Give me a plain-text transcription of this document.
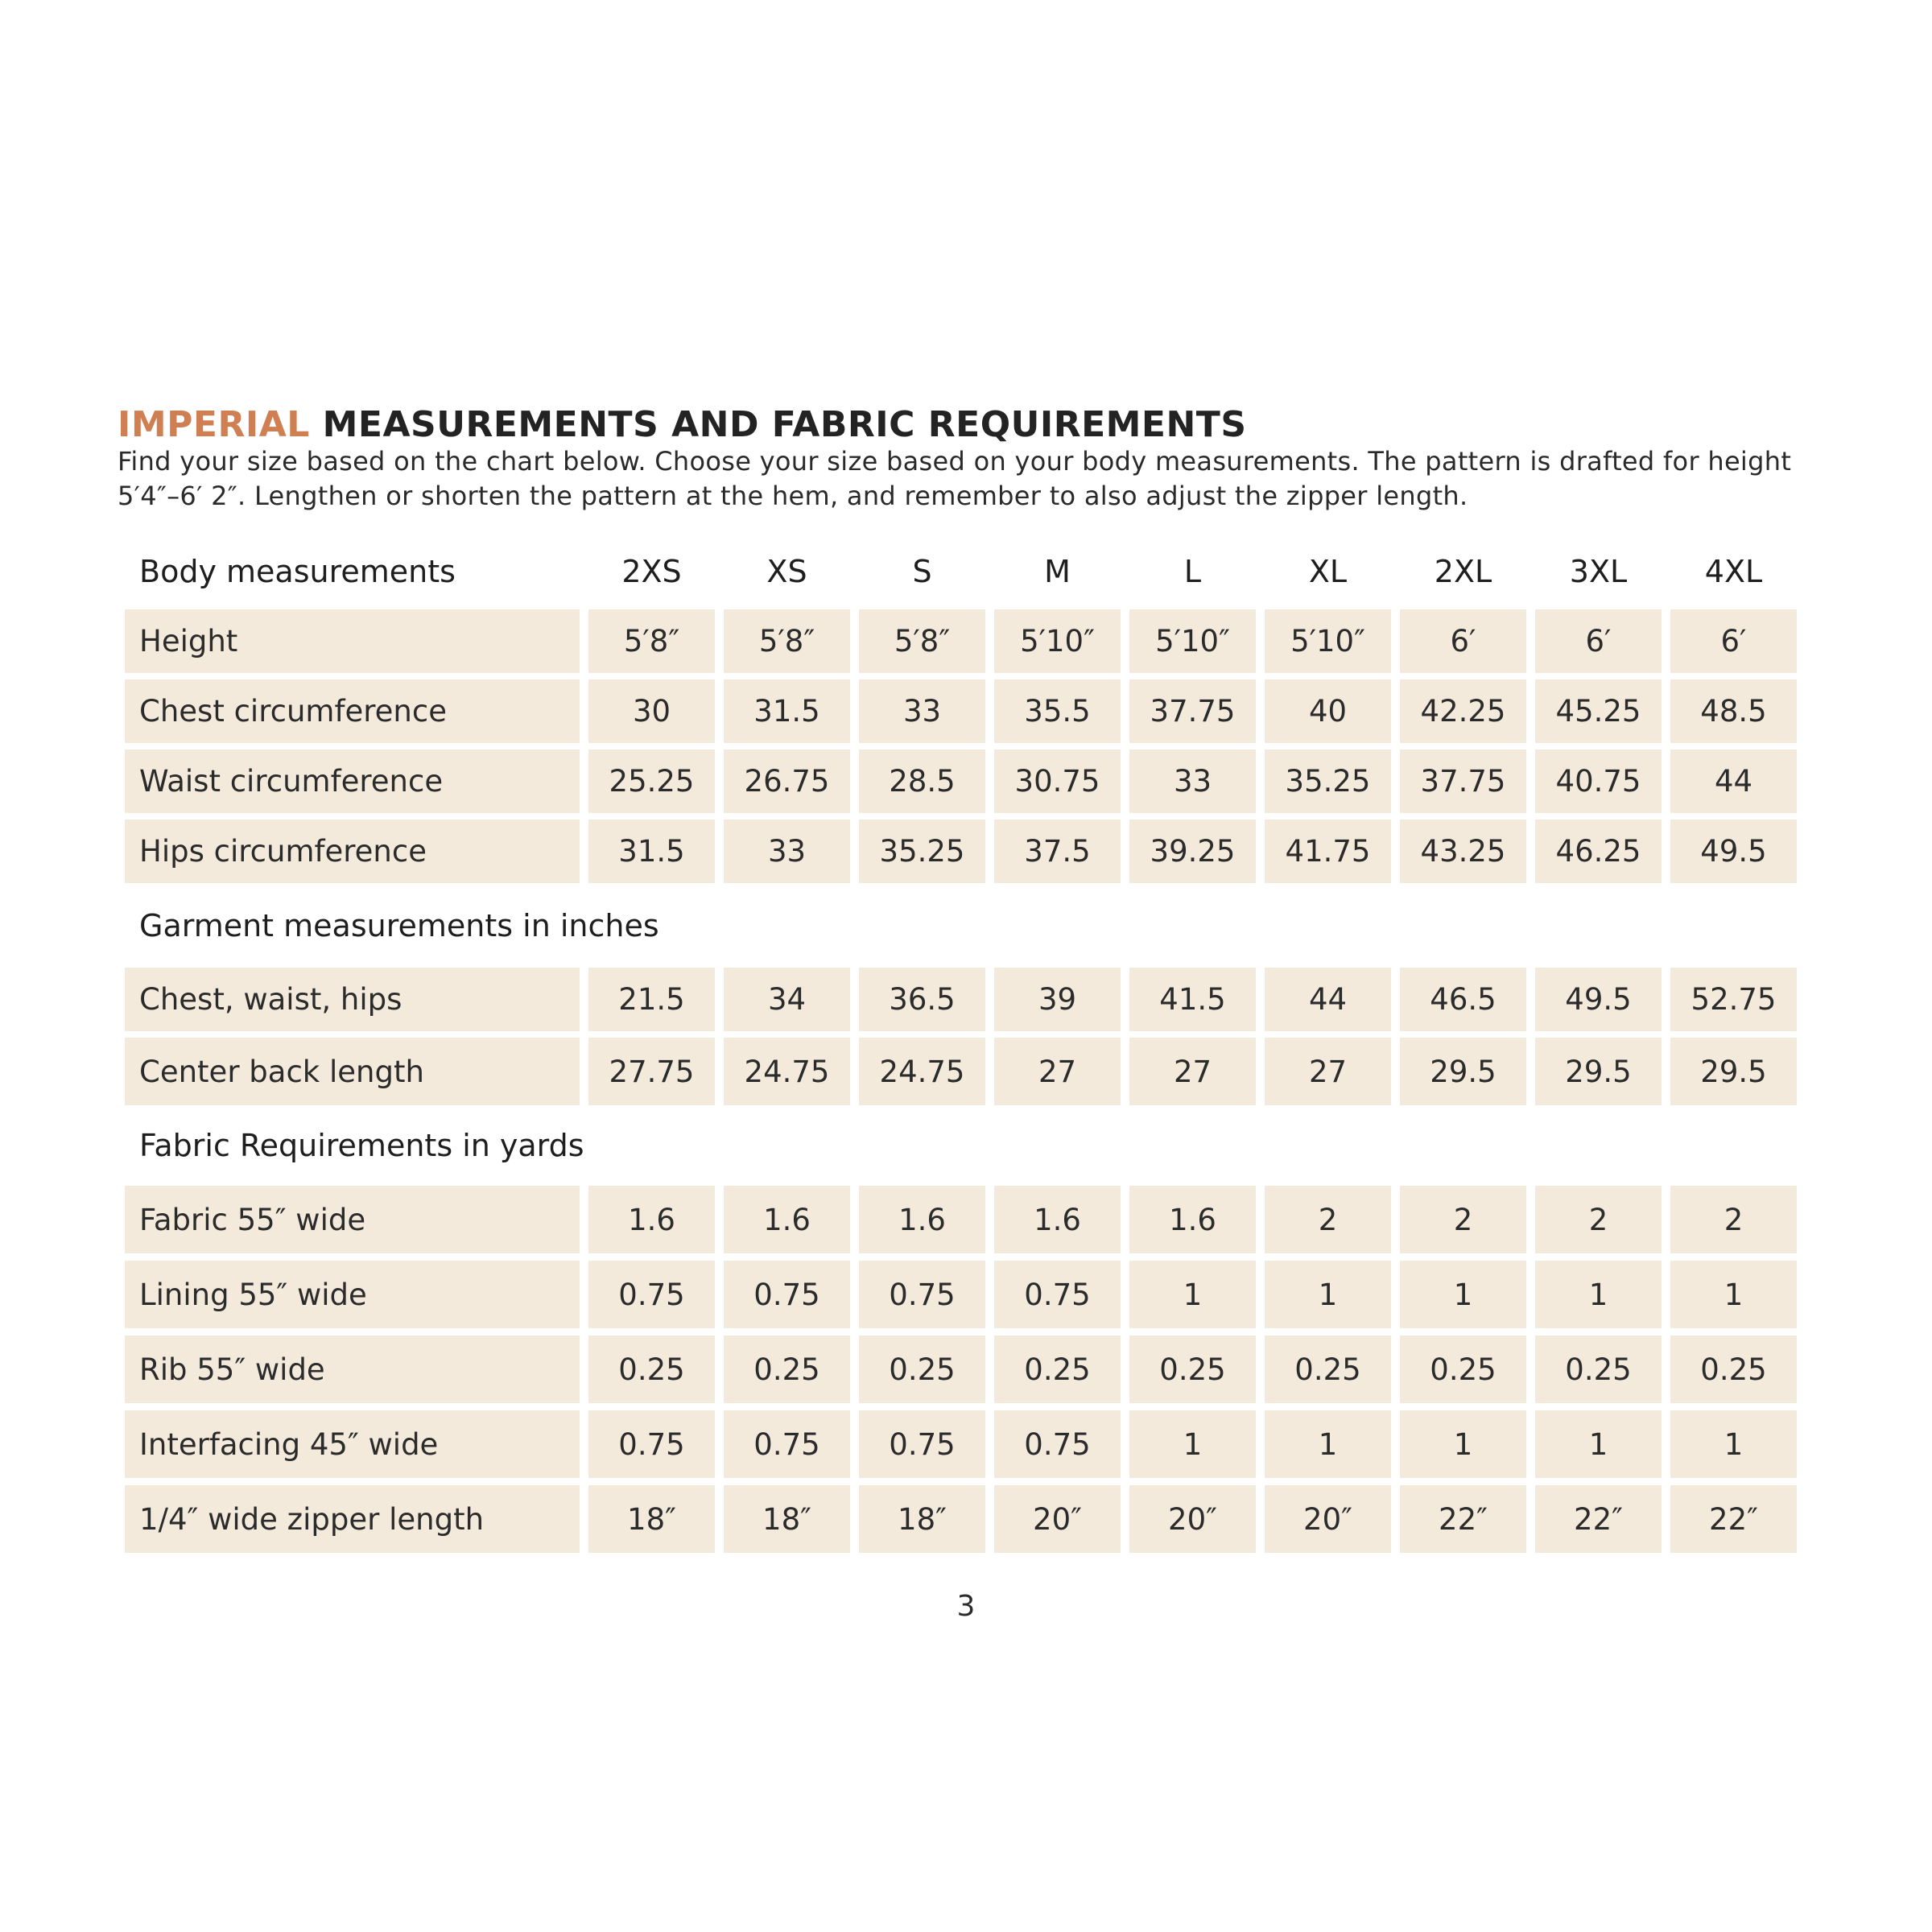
IMPERIAL MEASUREMENTS AND FABRIC REQUIREMENTS

Find your size based on the chart below. Choose your size based on your body measurements. The pattern is drafted for height
5′4″–6′ 2″. Lengthen or shorten the pattern at the hem, and remember to also adjust the zipper length.

Body measurements	2XS	XS	S	M	L	XL	2XL	3XL	4XL
Height	5′8″	5′8″	5′8″	5′10″	5′10″	5′10″	6′	6′	6′
Chest circumference	30	31.5	33	35.5	37.75	40	42.25	45.25	48.5
Waist circumference	25.25	26.75	28.5	30.75	33	35.25	37.75	40.75	44
Hips circumference	31.5	33	35.25	37.5	39.25	41.75	43.25	46.25	49.5
Garment measurements in inches
Chest, waist, hips	21.5	34	36.5	39	41.5	44	46.5	49.5	52.75
Center back length	27.75	24.75	24.75	27	27	27	29.5	29.5	29.5
Fabric Requirements in yards
Fabric 55″ wide	1.6	1.6	1.6	1.6	1.6	2	2	2	2
Lining 55″ wide	0.75	0.75	0.75	0.75	1	1	1	1	1
Rib 55″ wide	0.25	0.25	0.25	0.25	0.25	0.25	0.25	0.25	0.25
Interfacing 45″ wide	0.75	0.75	0.75	0.75	1	1	1	1	1
1/4″ wide zipper length	18″	18″	18″	20″	20″	20″	22″	22″	22″
3
